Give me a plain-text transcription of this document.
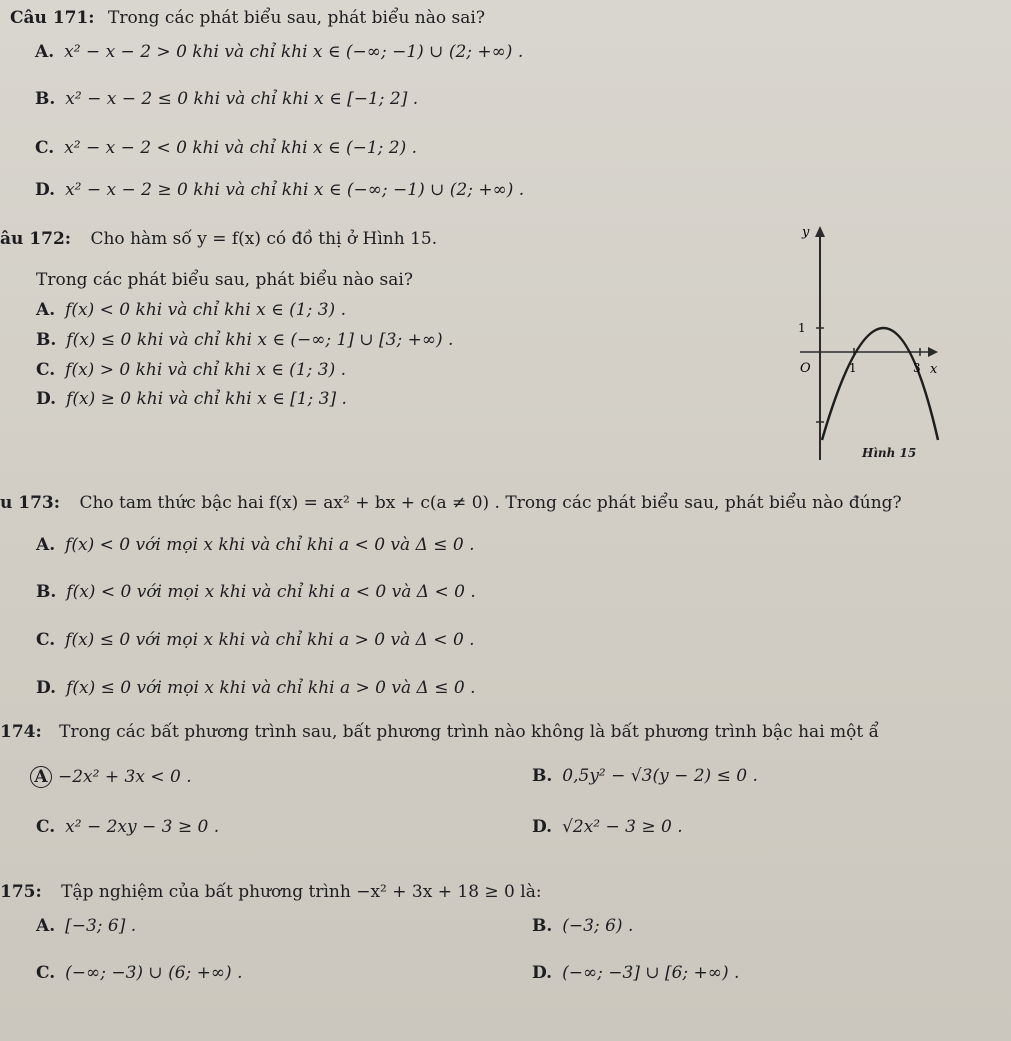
Câu 171: Trong các phát biểu sau, phát biểu nào sai?
A. x² − x − 2 > 0 khi và chỉ khi x ∈ (−∞; −1) ∪ (2; +∞) .
B. x² − x − 2 ≤ 0 khi và chỉ khi x ∈ [−1; 2] .
C. x² − x − 2 < 0 khi và chỉ khi x ∈ (−1; 2) .
D. x² − x − 2 ≥ 0 khi và chỉ khi x ∈ (−∞; −1) ∪ (2; +∞) .
âu 172: Cho hàm số y = f(x) có đồ thị ở Hình 15.
Trong các phát biểu sau, phát biểu nào sai?
A. f(x) < 0 khi và chỉ khi x ∈ (1; 3) .
B. f(x) ≤ 0 khi và chỉ khi x ∈ (−∞; 1] ∪ [3; +∞) .
C. f(x) > 0 khi và chỉ khi x ∈ (1; 3) .
D. f(x) ≥ 0 khi và chỉ khi x ∈ [1; 3] .
y
x
O
1
1	3
Hình 15
u 173: Cho tam thức bậc hai f(x) = ax² + bx + c(a ≠ 0) . Trong các phát biểu sau, phát biểu nào đúng?
A. f(x) < 0 với mọi x khi và chỉ khi a < 0 và Δ ≤ 0 .
B. f(x) < 0 với mọi x khi và chỉ khi a < 0 và Δ < 0 .
C. f(x) ≤ 0 với mọi x khi và chỉ khi a > 0 và Δ < 0 .
D. f(x) ≤ 0 với mọi x khi và chỉ khi a > 0 và Δ ≤ 0 .
174: Trong các bất phương trình sau, bất phương trình nào không là bất phương trình bậc hai một ẩ
A −2x² + 3x < 0 .	B. 0,5y² − √3(y − 2) ≤ 0 .
C. x² − 2xy − 3 ≥ 0 .	D. √2x² − 3 ≥ 0 .
175: Tập nghiệm của bất phương trình −x² + 3x + 18 ≥ 0 là:
A. [−3; 6] .	B. (−3; 6) .
C. (−∞; −3) ∪ (6; +∞) .	D. (−∞; −3] ∪ [6; +∞) .
